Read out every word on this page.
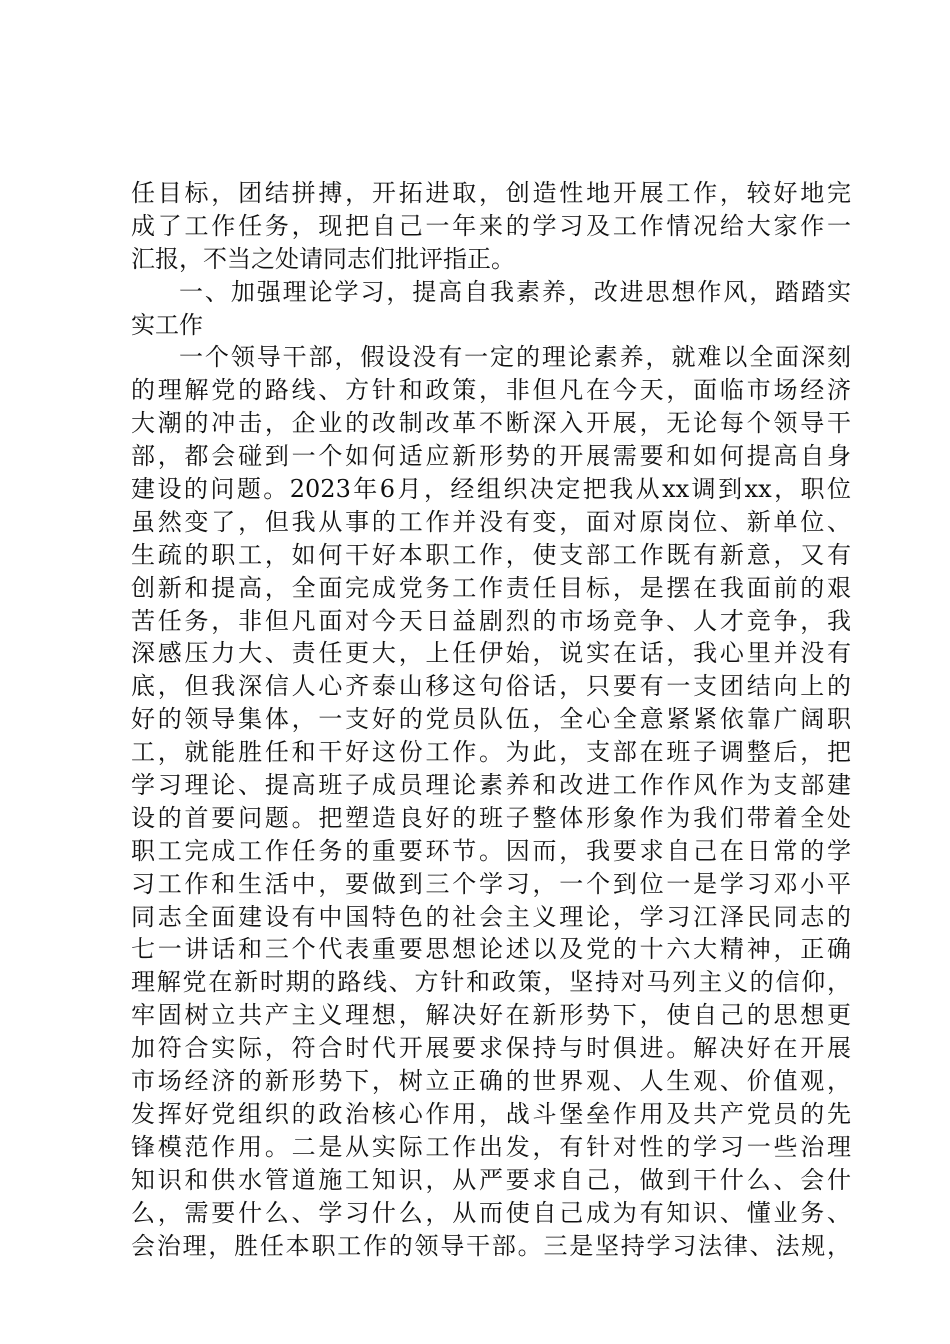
任目标，团结拼搏，开拓进取，创造性地开展工作，较好地完
成了工作任务，现把自己一年来的学习及工作情况给大家作一
汇报，不当之处请同志们批评指正。
一、加强理论学习，提高自我素养，改进思想作风，踏踏实
实工作
一个领导干部，假设没有一定的理论素养，就难以全面深刻
的理解党的路线、方针和政策，非但凡在今天，面临市场经济
大潮的冲击，企业的改制改革不断深入开展，无论每个领导干
部，都会碰到一个如何适应新形势的开展需要和如何提高自身
建设的问题。2023年6月，经组织决定把我从xx调到xx，职位
虽然变了，但我从事的工作并没有变，面对原岗位、新单位、
生疏的职工，如何干好本职工作，使支部工作既有新意，又有
创新和提高，全面完成党务工作责任目标，是摆在我面前的艰
苦任务，非但凡面对今天日益剧烈的市场竞争、人才竞争，我
深感压力大、责任更大，上任伊始，说实在话，我心里并没有
底，但我深信人心齐泰山移这句俗话，只要有一支团结向上的
好的领导集体，一支好的党员队伍，全心全意紧紧依靠广阔职
工，就能胜任和干好这份工作。为此，支部在班子调整后，把
学习理论、提高班子成员理论素养和改进工作作风作为支部建
设的首要问题。把塑造良好的班子整体形象作为我们带着全处
职工完成工作任务的重要环节。因而，我要求自己在日常的学
习工作和生活中，要做到三个学习，一个到位一是学习邓小平
同志全面建设有中国特色的社会主义理论，学习江泽民同志的
七一讲话和三个代表重要思想论述以及党的十六大精神，正确
理解党在新时期的路线、方针和政策，坚持对马列主义的信仰，
牢固树立共产主义理想，解决好在新形势下，使自己的思想更
加符合实际，符合时代开展要求保持与时俱进。解决好在开展
市场经济的新形势下，树立正确的世界观、人生观、价值观，
发挥好党组织的政治核心作用，战斗堡垒作用及共产党员的先
锋模范作用。二是从实际工作出发，有针对性的学习一些治理
知识和供水管道施工知识，从严要求自己，做到干什么、会什
么，需要什么、学习什么，从而使自己成为有知识、懂业务、
会治理，胜任本职工作的领导干部。三是坚持学习法律、法规，
